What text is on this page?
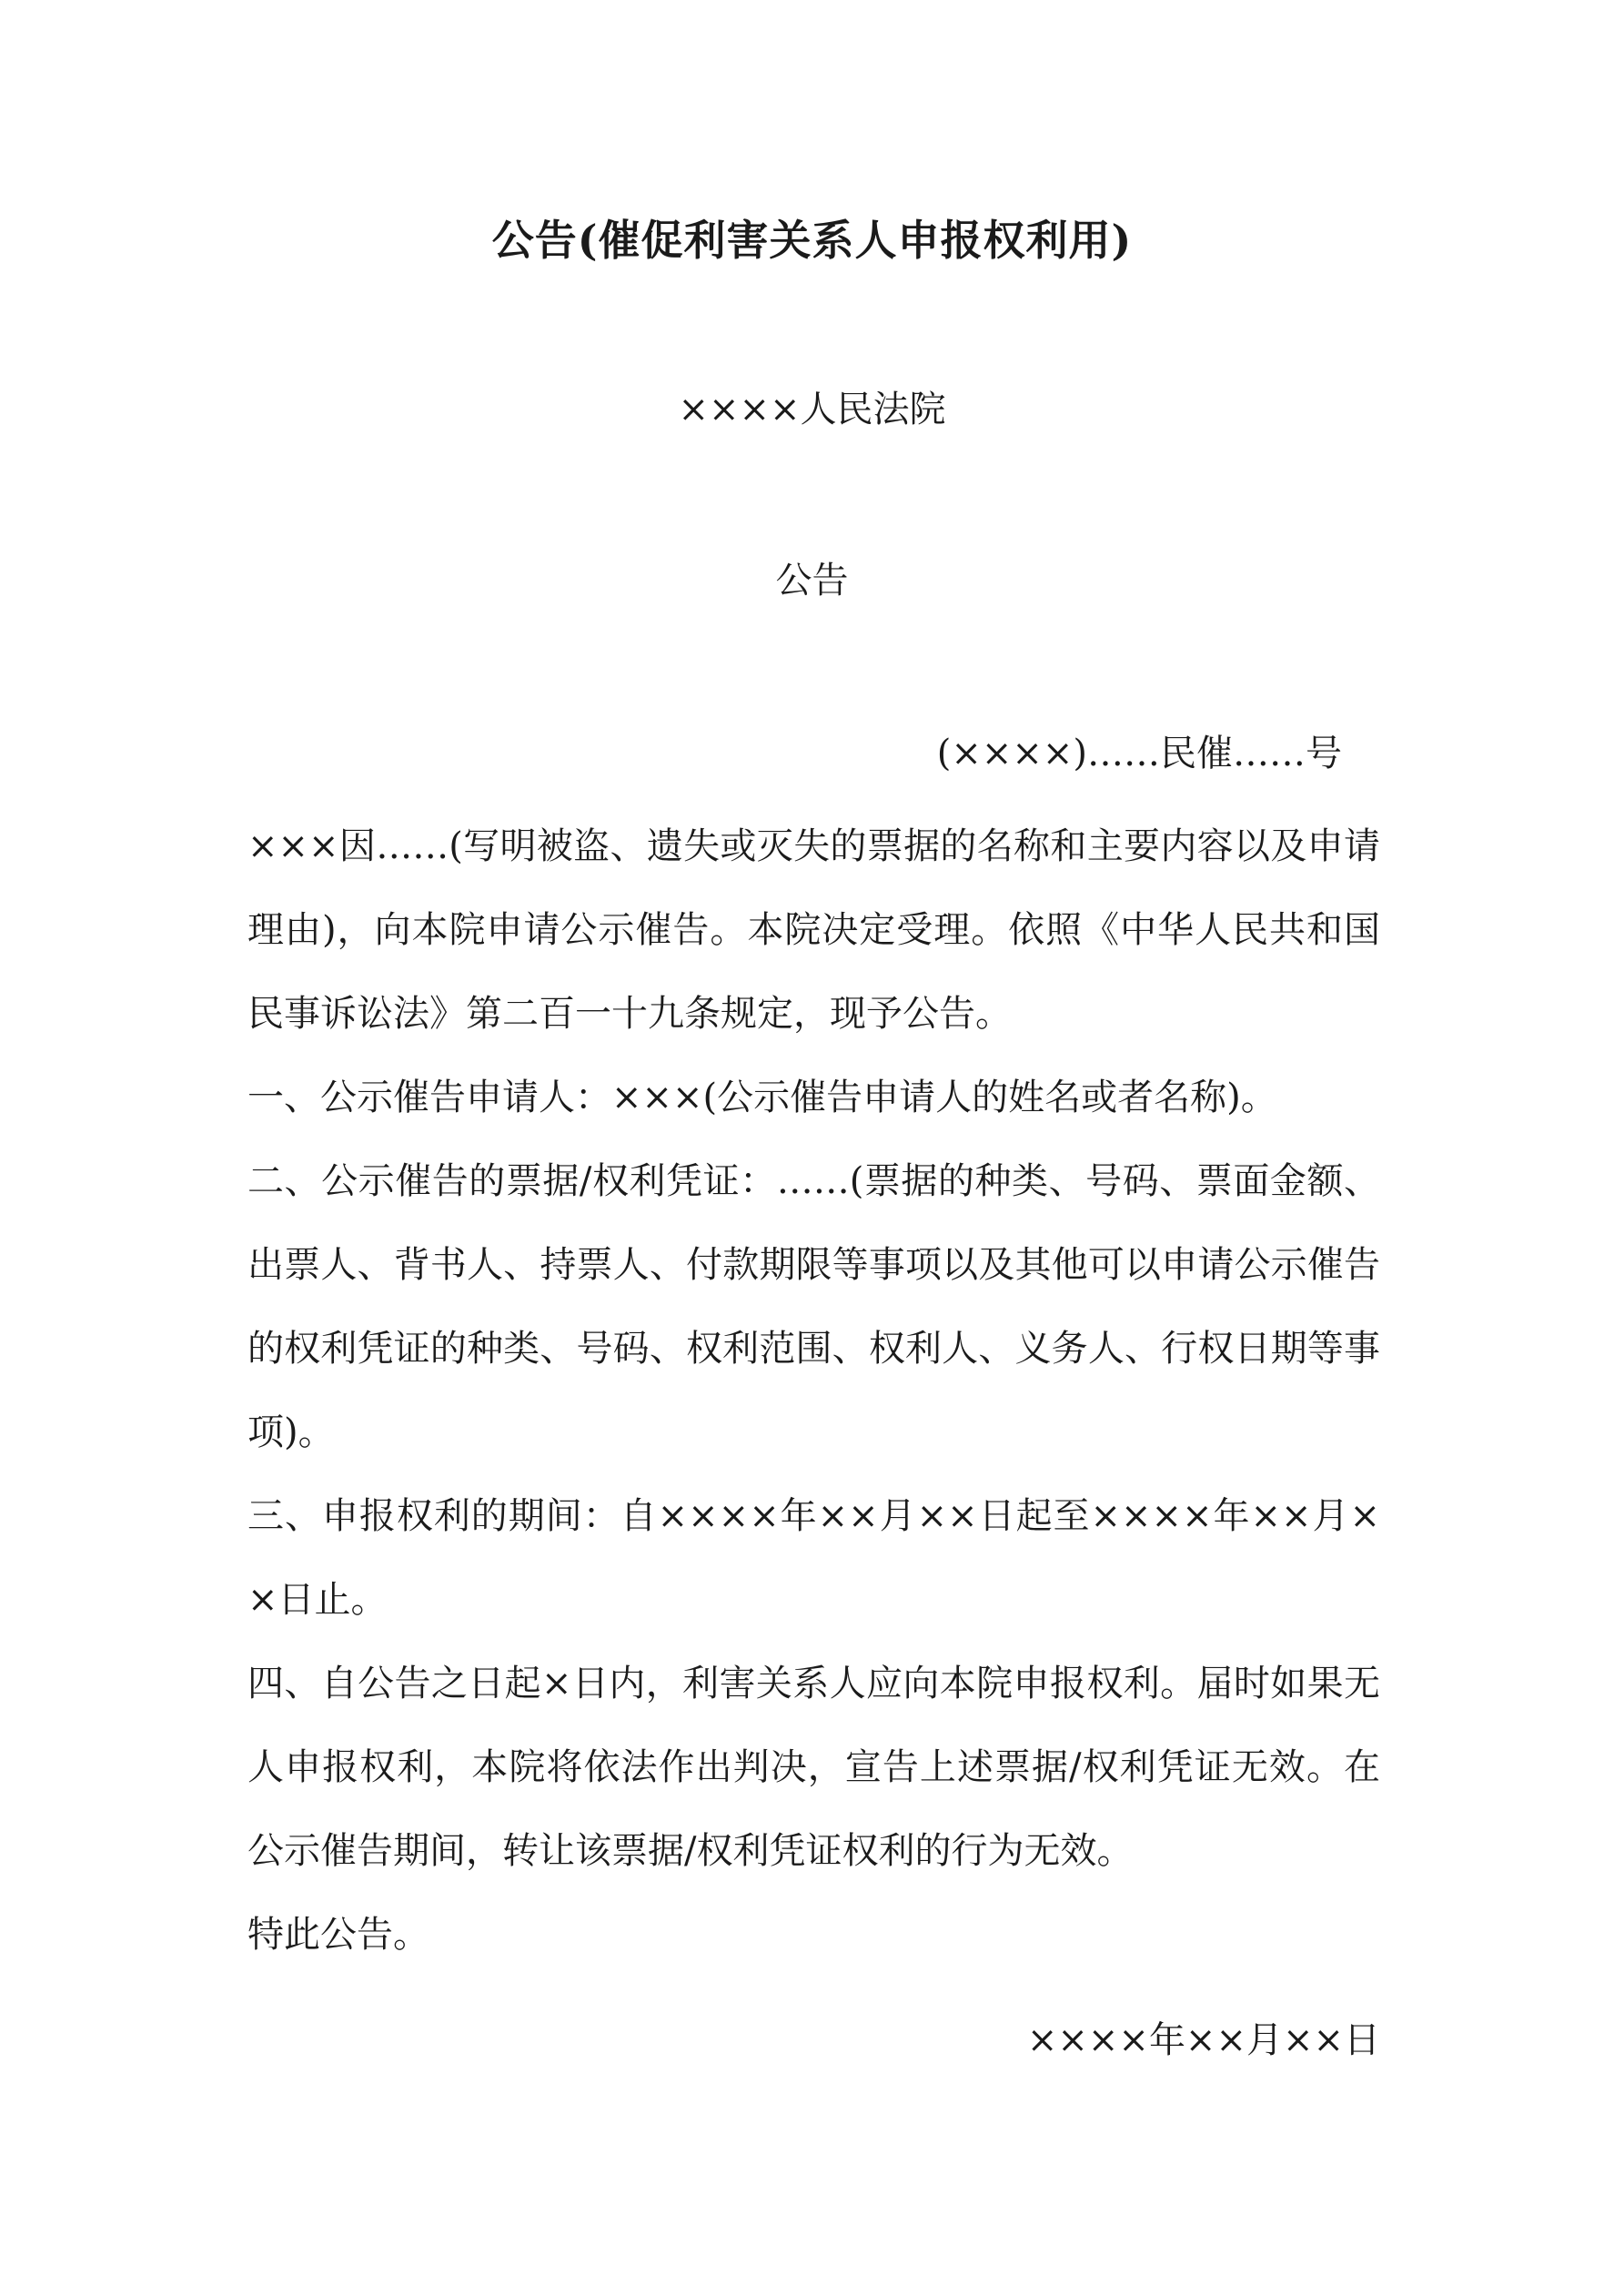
公告(催促利害关系人申报权利用)
××××人民法院
公告
(××××)……民催……号

×××因……(写明被盗、遗失或灭失的票据的名称和主要内容以及申请理由)，向本院申请公示催告。本院决定受理。依照《中华人民共和国民事诉讼法》第二百一十九条规定，现予公告。

一、公示催告申请人：×××(公示催告申请人的姓名或者名称)。

二、公示催告的票据/权利凭证：……(票据的种类、号码、票面金额、出票人、背书人、持票人、付款期限等事项以及其他可以申请公示催告的权利凭证的种类、号码、权利范围、权利人、义务人、行权日期等事项)。

三、申报权利的期间：自××××年××月××日起至××××年××月××日止。

四、自公告之日起×日内，利害关系人应向本院申报权利。届时如果无人申报权利，本院将依法作出判决，宣告上述票据/权利凭证无效。在公示催告期间，转让该票据/权利凭证权利的行为无效。

特此公告。

××××年××月××日
